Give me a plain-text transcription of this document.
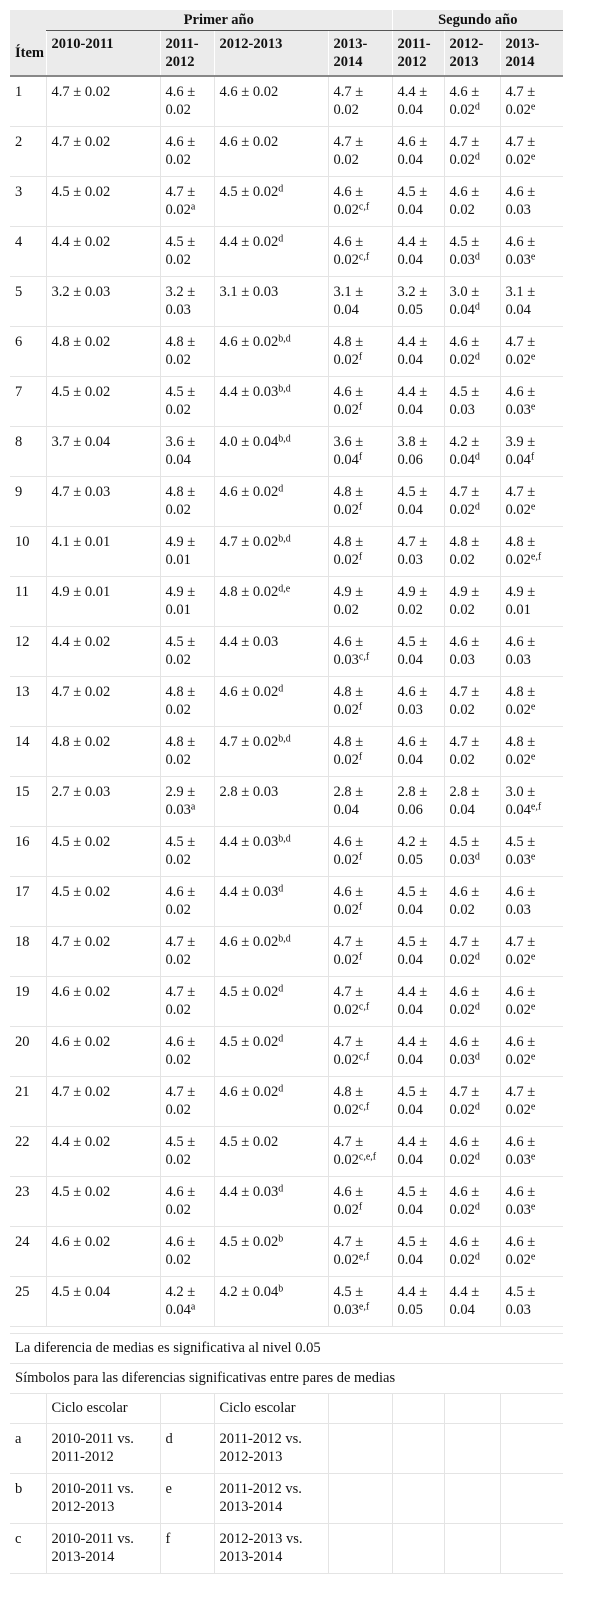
	Primer año				Segundo año		
Ítem	2010-2011	2011-2012	2012-2013	2013-2014	2011-2012	2012-2013	2013-2014
1	4.7 ± 0.02	4.6 ± 0.02	4.6 ± 0.02	4.7 ± 0.02	4.4 ± 0.04	4.6 ± 0.02$^d$	4.7 ± 0.02$^e$
2	4.7 ± 0.02	4.6 ± 0.02	4.6 ± 0.02	4.7 ± 0.02	4.6 ± 0.04	4.7 ± 0.02$^d$	4.7 ± 0.02$^e$
3	4.5 ± 0.02	4.7 ± 0.02$^a$	4.5 ± 0.02$^d$	$4.6 \pm 0.02^{c,f}$	4.5 ± 0.04	4.6 ± 0.02	4.6 ± 0.03
4	4.4 ± 0.02	4.5 ± 0.02	4.4 ± 0.02$^d$	$4.6 \pm 0.02^{c,f}$	4.4 ± 0.04	4.5 ± 0.03$^d$	4.6 ± 0.03$^e$
5	3.2 ± 0.03	3.2 ± 0.03	3.1 ± 0.03	3.1 ± 0.04	3.2 ± 0.05	3.0 ± 0.04$^d$	3.1 ± 0.04
6	4.8 ± 0.02	4.8 ± 0.02	$4.6 \pm 0.02^{b,d}$	4.8 ± 0.02$^f$	4.4 ± 0.04	4.6 ± 0.02$^d$	4.7 ± 0.02$^e$
7	4.5 ± 0.02	4.5 ± 0.02	$4.4 \pm 0.03^{b,d}$	4.6 ± 0.02$^f$	4.4 ± 0.04	4.5 ± 0.03	4.6 ± 0.03$^e$
8	3.7 ± 0.04	3.6 ± 0.04	$4.0 \pm 0.04^{b,d}$	3.6 ± 0.04$^f$	3.8 ± 0.06	4.2 ± 0.04$^d$	3.9 ± 0.04$^f$
9	4.7 ± 0.03	4.8 ± 0.02	4.6 ± 0.02$^d$	4.8 ± 0.02$^f$	4.5 ± 0.04	4.7 ± 0.02$^d$	4.7 ± 0.02$^e$
10	4.1 ± 0.01	4.9 ± 0.01	$4.7 \pm 0.02^{b,d}$	4.8 ± 0.02$^f$	4.7 ± 0.03	4.8 ± 0.02	$4.8 \pm 0.02^{e,f}$
11	4.9 ± 0.01	4.9 ± 0.01	$4.8 \pm 0.02^{d,e}$	4.9 ± 0.02	4.9 ± 0.02	4.9 ± 0.02	4.9 ± 0.01
12	4.4 ± 0.02	4.5 ± 0.02	4.4 ± 0.03	$4.6 \pm 0.03^{c,f}$	4.5 ± 0.04	4.6 ± 0.03	4.6 ± 0.03
13	4.7 ± 0.02	4.8 ± 0.02	4.6 ± 0.02$^d$	4.8 ± 0.02$^f$	4.6 ± 0.03	4.7 ± 0.02	4.8 ± 0.02$^e$
14	4.8 ± 0.02	4.8 ± 0.02	$4.7 \pm 0.02^{b,d}$	4.8 ± 0.02$^f$	4.6 ± 0.04	4.7 ± 0.02	4.8 ± 0.02$^e$
15	2.7 ± 0.03	2.9 ± 0.03$^a$	2.8 ± 0.03	2.8 ± 0.04	2.8 ± 0.06	2.8 ± 0.04	$3.0 \pm 0.04^{e,f}$
16	4.5 ± 0.02	4.5 ± 0.02	$4.4 \pm 0.03^{b,d}$	4.6 ± 0.02$^f$	4.2 ± 0.05	4.5 ± 0.03$^d$	4.5 ± 0.03$^e$
17	4.5 ± 0.02	4.6 ± 0.02	4.4 ± 0.03$^d$	4.6 ± 0.02$^f$	4.5 ± 0.04	4.6 ± 0.02	4.6 ± 0.03
18	4.7 ± 0.02	4.7 ± 0.02	$4.6 \pm 0.02^{b,d}$	4.7 ± 0.02$^f$	4.5 ± 0.04	4.7 ± 0.02$^d$	4.7 ± 0.02$^e$
19	4.6 ± 0.02	4.7 ± 0.02	4.5 ± 0.02$^d$	$4.7 \pm 0.02^{c,f}$	4.4 ± 0.04	4.6 ± 0.02$^d$	4.6 ± 0.02$^e$
20	4.6 ± 0.02	4.6 ± 0.02	4.5 ± 0.02$^d$	$4.7 \pm 0.02^{c,f}$	4.4 ± 0.04	4.6 ± 0.03$^d$	4.6 ± 0.02$^e$
21	4.7 ± 0.02	4.7 ± 0.02	4.6 ± 0.02$^d$	$4.8 \pm 0.02^{c,f}$	4.5 ± 0.04	4.7 ± 0.02$^d$	4.7 ± 0.02$^e$
22	4.4 ± 0.02	4.5 ± 0.02	4.5 ± 0.02	$4.7 \pm 0.02^{c,e,f}$	4.4 ± 0.04	4.6 ± 0.02$^d$	4.6 ± 0.03$^e$
23	4.5 ± 0.02	4.6 ± 0.02	4.4 ± 0.03$^d$	4.6 ± 0.02$^f$	4.5 ± 0.04	4.6 ± 0.02$^d$	4.6 ± 0.03$^e$
24	4.6 ± 0.02	4.6 ± 0.02	4.5 ± 0.02$^b$	$4.7 \pm 0.02^{e,f}$	4.5 ± 0.04	4.6 ± 0.02$^d$	4.6 ± 0.02$^e$
25	4.5 ± 0.04	4.2 ± 0.04$^a$	4.2 ± 0.04$^b$	$4.5 \pm 0.03^{e,f}$	4.4 ± 0.05	4.4 ± 0.04	4.5 ± 0.03

La diferencia de medias es significativa al nivel 0.05							
Símbolos para las diferencias significativas entre pares de medias							
	Ciclo escolar		Ciclo escolar				
a	2010-2011 vs. 2011-2012	d	2011-2012 vs. 2012-2013				
b	2010-2011 vs. 2012-2013	e	2011-2012 vs. 2013-2014				
c	2010-2011 vs. 2013-2014	f	2012-2013 vs. 2013-2014				
